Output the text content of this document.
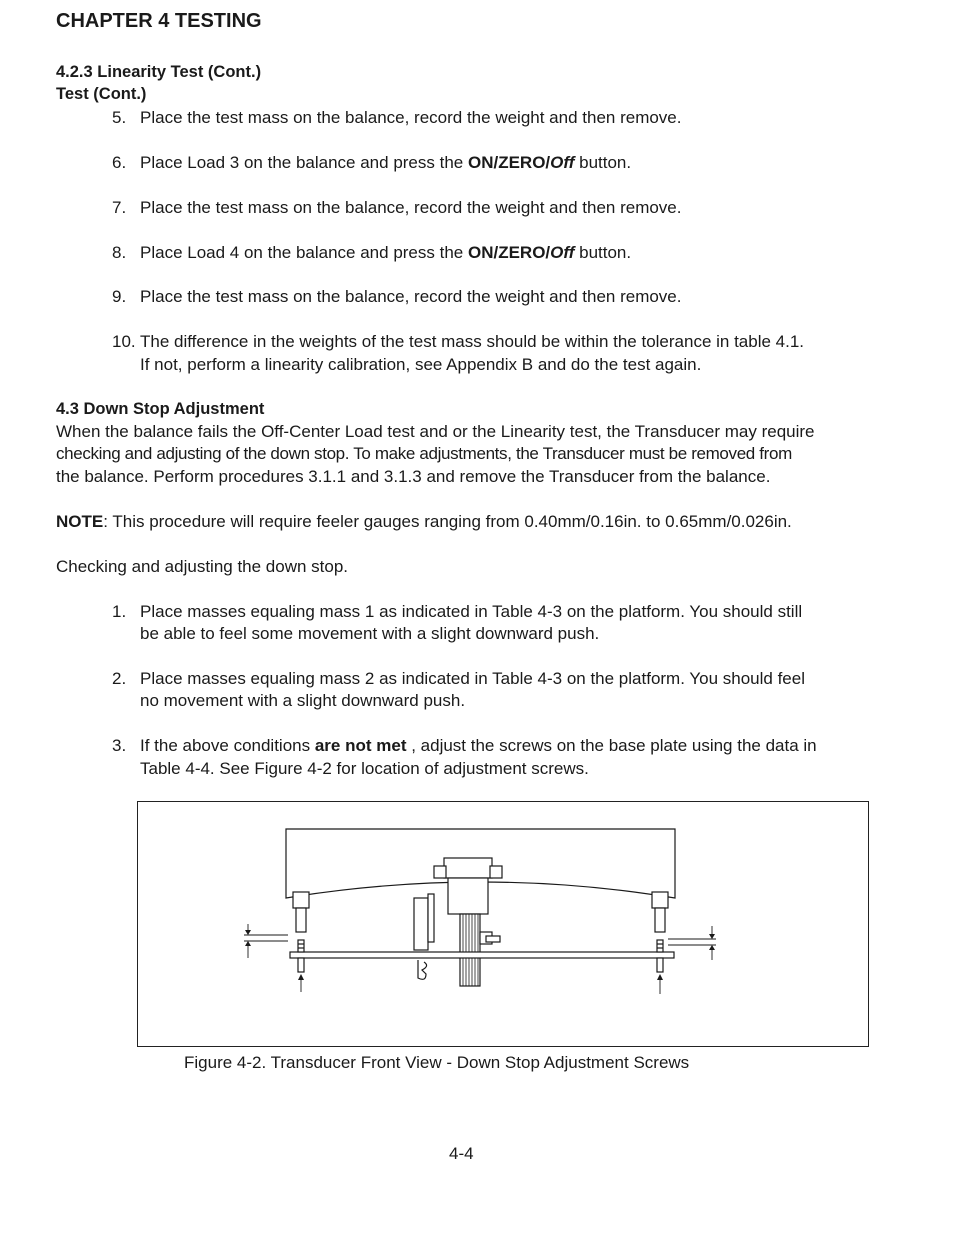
CHAPTER 4 TESTING
4.2.3 Linearity Test (Cont.)
Test (Cont.)
5. Place the test mass on the balance, record the weight and then remove.
6. Place Load 3 on the balance and press the ON/ZERO/Off button.
7. Place the test mass on the balance, record the weight and then remove.
8. Place Load 4 on the balance and press the ON/ZERO/Off button.
9. Place the test mass on the balance, record the weight and then remove.
10. The difference in the weights of the test mass should be within the tolerance in table 4.1.
If not, perform a linearity calibration, see Appendix B and do the test again.
4.3 Down Stop Adjustment
When the balance fails the Off-Center Load test and or the Linearity test, the Transducer may require
checking and adjusting of the down stop. To make adjustments, the Transducer must be removed from
the balance. Perform procedures 3.1.1 and 3.1.3 and remove the Transducer from the balance.
NOTE: This procedure will require feeler gauges ranging from 0.40mm/0.16in. to 0.65mm/0.026in.
Checking and adjusting the down stop.
1. Place masses equaling mass 1 as indicated in Table 4-3 on the platform. You should still
be able to feel some movement with a slight downward push.
2. Place masses equaling mass 2 as indicated in Table 4-3 on the platform. You should feel
no movement with a slight downward push.
3. If the above conditions are not met , adjust the screws on the base plate using the data in
Table 4-4. See Figure 4-2 for location of adjustment screws.
Figure 4-2. Transducer Front View - Down Stop Adjustment Screws
4-4
